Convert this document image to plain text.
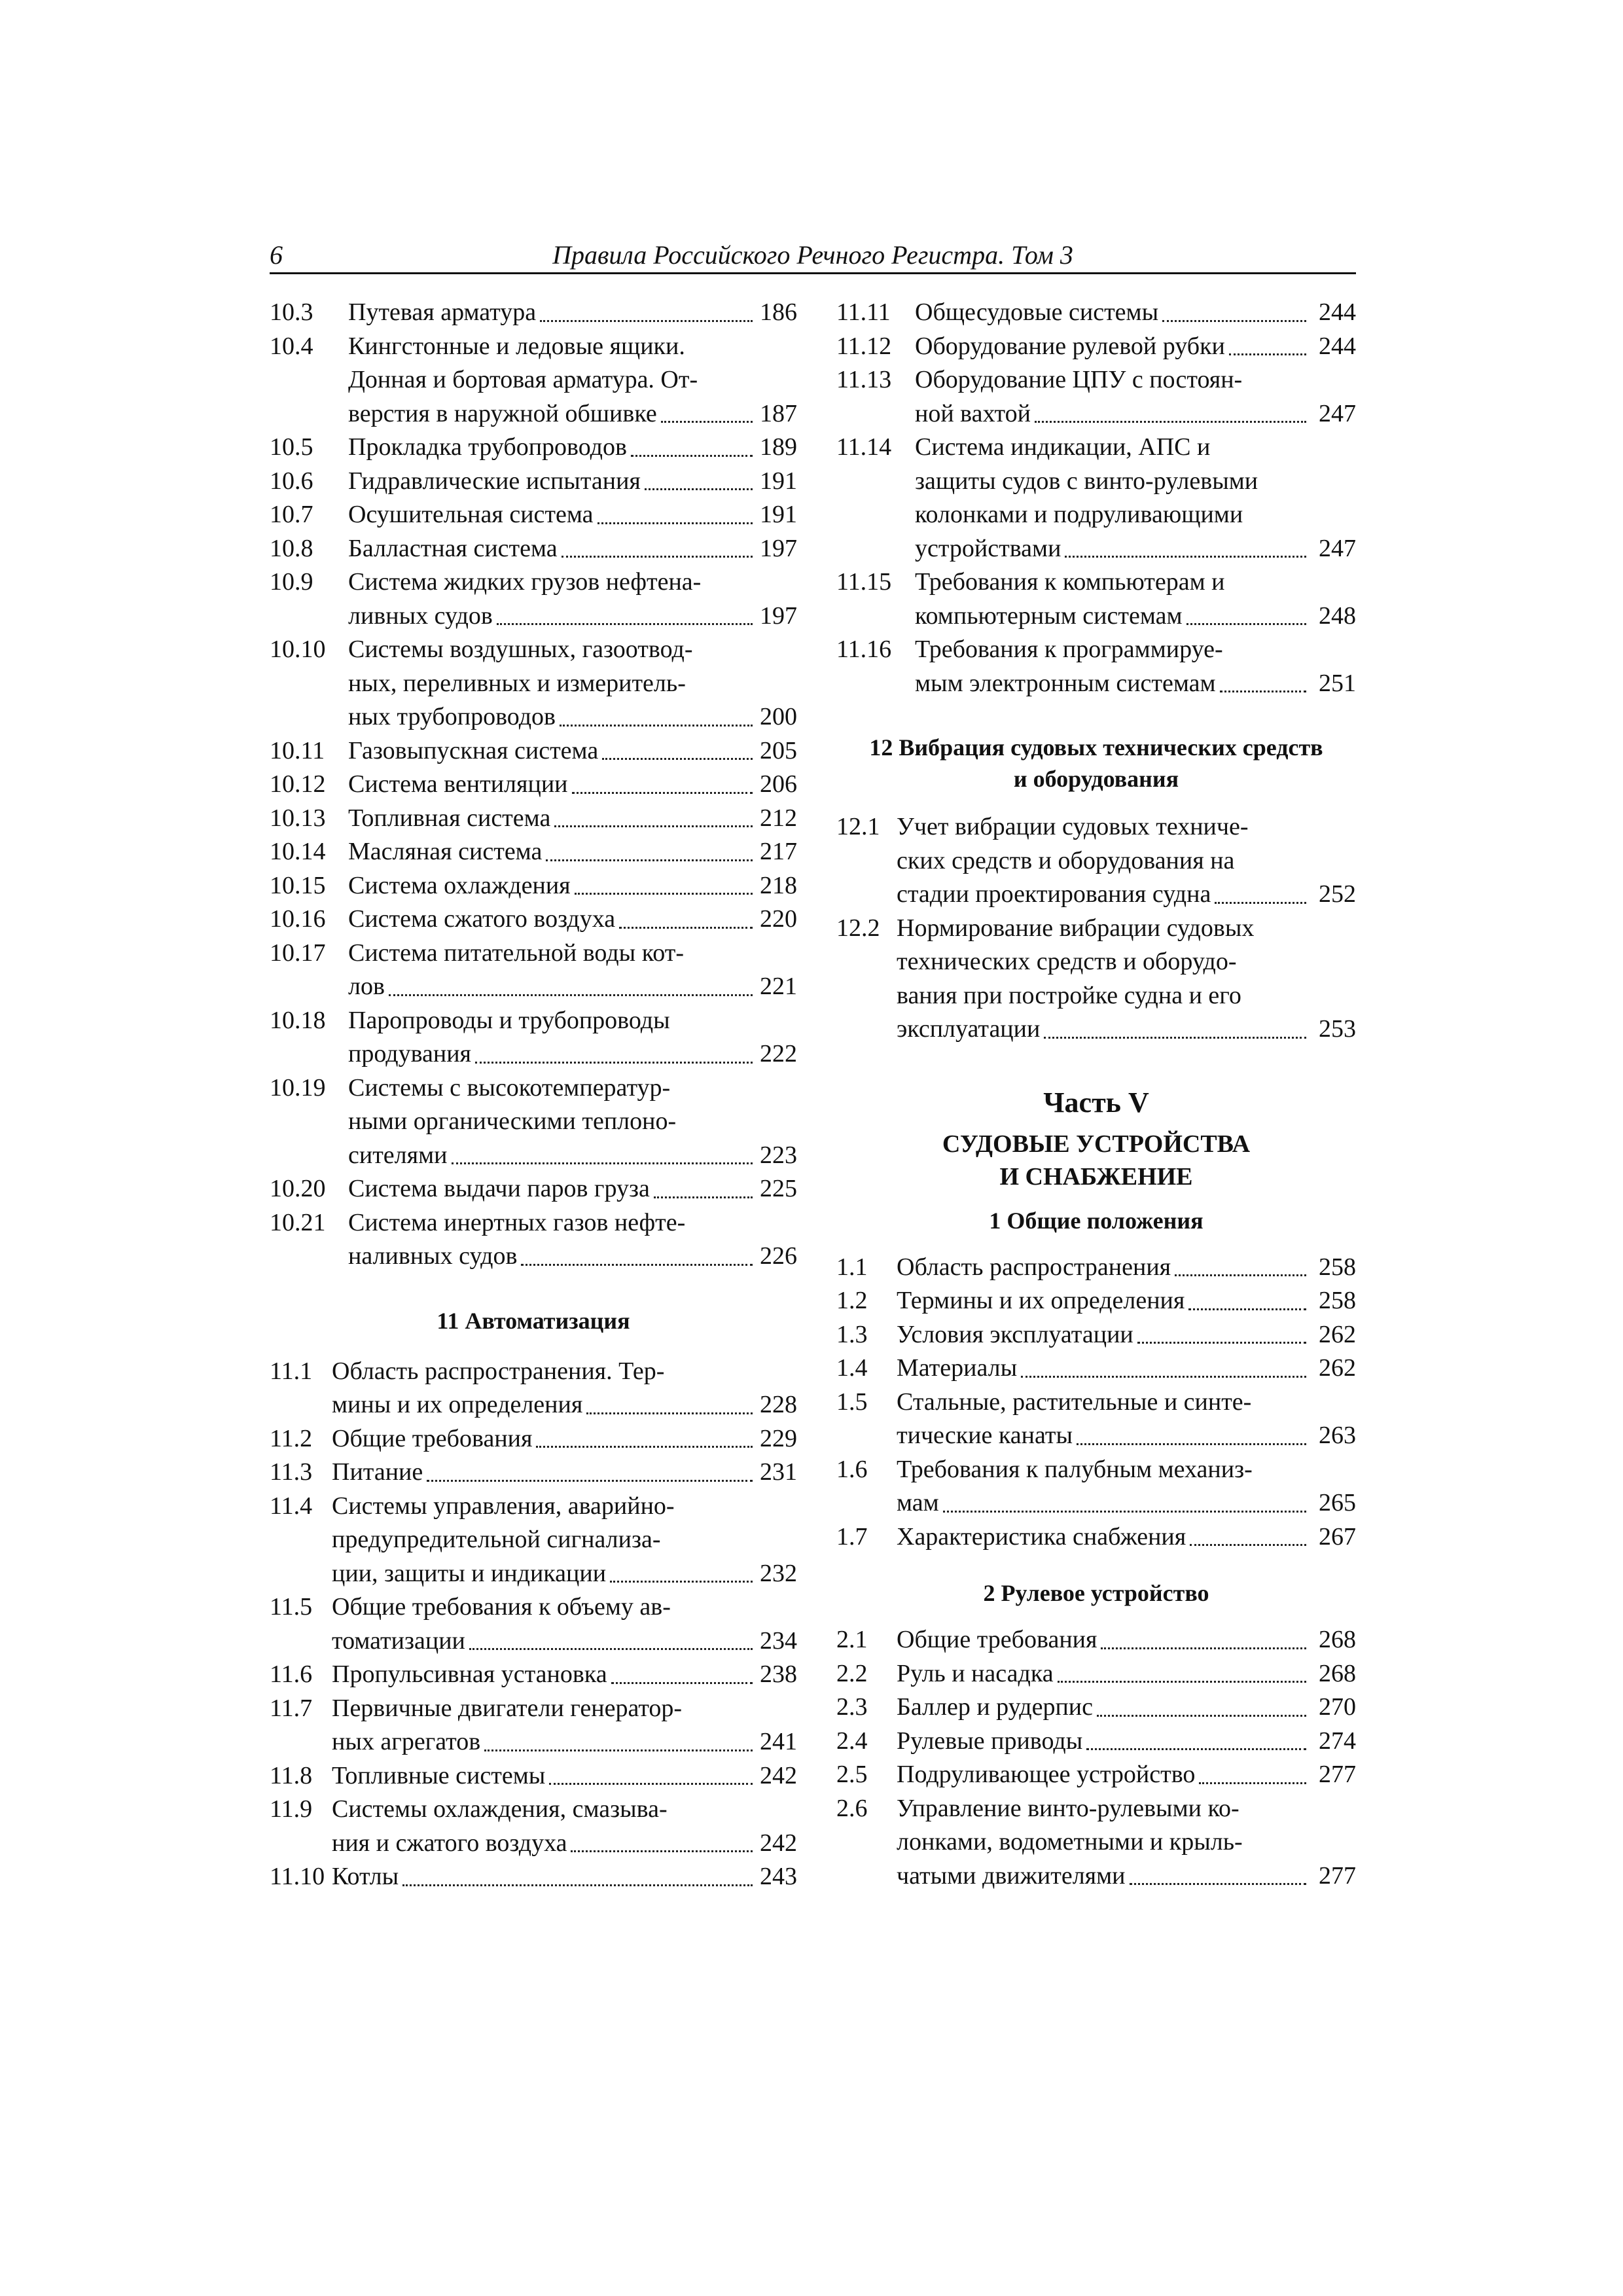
6	Правила Российского Речного Регистра. Том 3
10.3	Путевая арматура	186
10.4	Кингстонные и ледовые ящики.
Донная и бортовая арматура. От-
верстия в наружной обшивке	187
10.5	Прокладка трубопроводов	189
10.6	Гидравлические испытания	191
10.7	Осушительная система	191
10.8	Балластная система	197
10.9	Система жидких грузов нефтена-
ливных судов	197
10.10 Системы воздушных, газоотвод-
ных, переливных и измеритель-
ных трубопроводов	200
10.11 Газовыпускная система	205
10.12 Система вентиляции	206
10.13 Топливная система	212
10.14 Масляная система	217
10.15 Система охлаждения	218
10.16 Система сжатого воздуха	220
10.17 Система питательной воды кот-
лов	221
10.18 Паропроводы и трубопроводы
продувания	222
10.19 Системы с высокотемператур-
ными органическими теплоно-
сителями	223
10.20 Система выдачи паров груза	225
10.21 Система инертных газов нефте-
наливных судов	226
11 Автоматизация
11.1 Область распространения. Тер-
мины и их определения	228
11.2 Общие требования	229
11.3 Питание	231
11.4 Системы управления, аварийно-
предупредительной сигнализа-
ции, защиты и индикации	232
11.5 Общие требования к объему ав-
томатизации	234
11.6 Пропульсивная установка	238
11.7 Первичные двигатели генератор-
ных агрегатов	241
11.8 Топливные системы	242
11.9 Системы охлаждения, смазыва-
ния и сжатого воздуха	242
11.10 Котлы	243
11.11 Общесудовые системы	244
11.12 Оборудование рулевой рубки	244
11.13 Оборудование ЦПУ с постоян-
ной вахтой	247
11.14 Система индикации, АПС и
защиты судов с винто-рулевыми
колонками и подруливающими
устройствами	247
11.15 Требования к компьютерам и
компьютерным системам	248
11.16 Требования к программируе-
мым электронным системам	251
12 Вибрация судовых технических средств
и оборудования
12.1 Учет вибрации судовых техниче-
ских средств и оборудования на
стадии проектирования судна	252
12.2 Нормирование вибрации судовых
технических средств и оборудо-
вания при постройке судна и его
эксплуатации	253
Часть V
СУДОВЫЕ УСТРОЙСТВА
И СНАБЖЕНИЕ
1 Общие положения
1.1	Область распространения	258
1.2	Термины и их определения	258
1.3	Условия эксплуатации	262
1.4	Материалы	262
1.5	Стальные, растительные и синте-
тические канаты	263
1.6	Требования к палубным механиз-
мам	265
1.7	Характеристика снабжения	267
2 Рулевое устройство
2.1	Общие требования	268
2.2	Руль и насадка	268
2.3	Баллер и рудерпис	270
2.4	Рулевые приводы	274
2.5	Подруливающее устройство	277
2.6	Управление винто-рулевыми ко-
лонками, водометными и крыль-
чатыми движителями	277
